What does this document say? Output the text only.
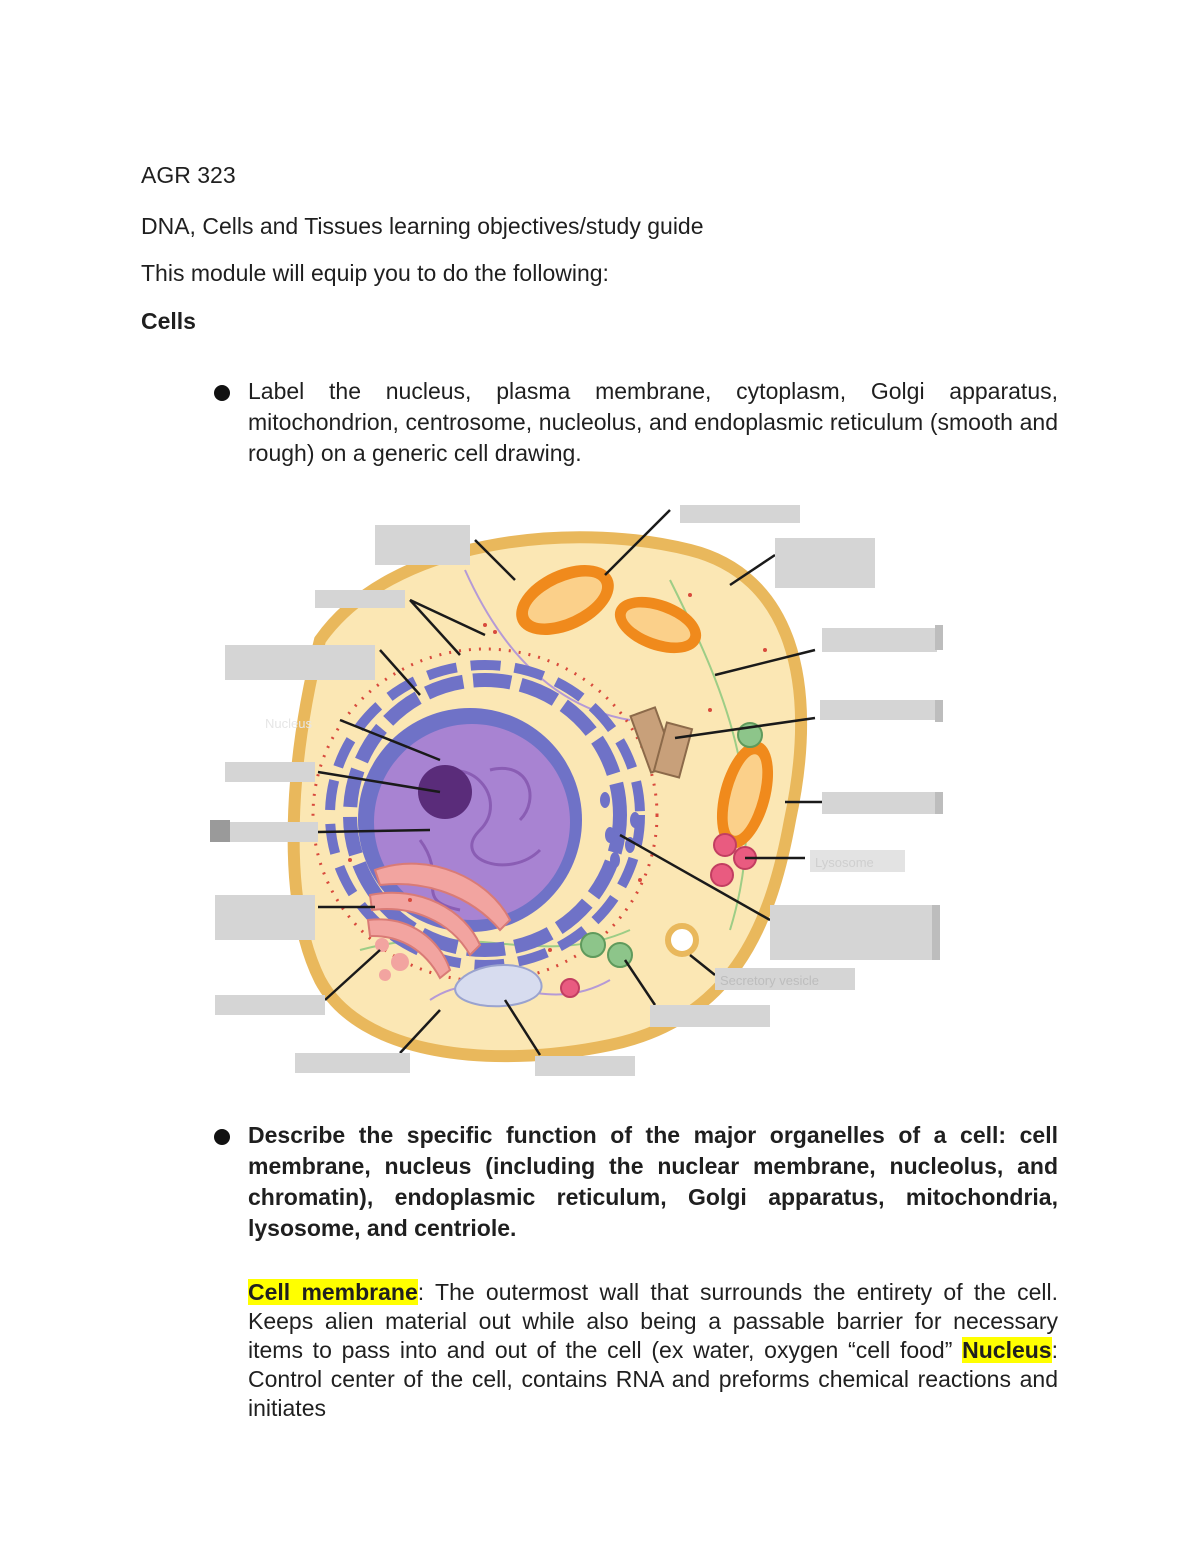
AGR 323
DNA, Cells and Tissues learning objectives/study guide
This module will equip you to do the following:
Cells
Label the nucleus, plasma membrane, cytoplasm, Golgi apparatus, mitochondrion, centrosome, nucleolus, and endoplasmic reticulum (smooth and rough) on a generic cell drawing.
Nucleus
Lysosome
Secretory vesicle
Describe the specific function of the major organelles of a cell: cell membrane, nucleus (including the nuclear membrane, nucleolus, and chromatin), endoplasmic reticulum, Golgi apparatus, mitochondria, lysosome, and centriole.
Cell membrane: The outermost wall that surrounds the entirety of the cell. Keeps alien material out while also being a passable barrier for necessary items to pass into and out of the cell (ex water, oxygen “cell food” Nucleus: Control center of the cell, contains RNA and preforms chemical reactions and initiates
